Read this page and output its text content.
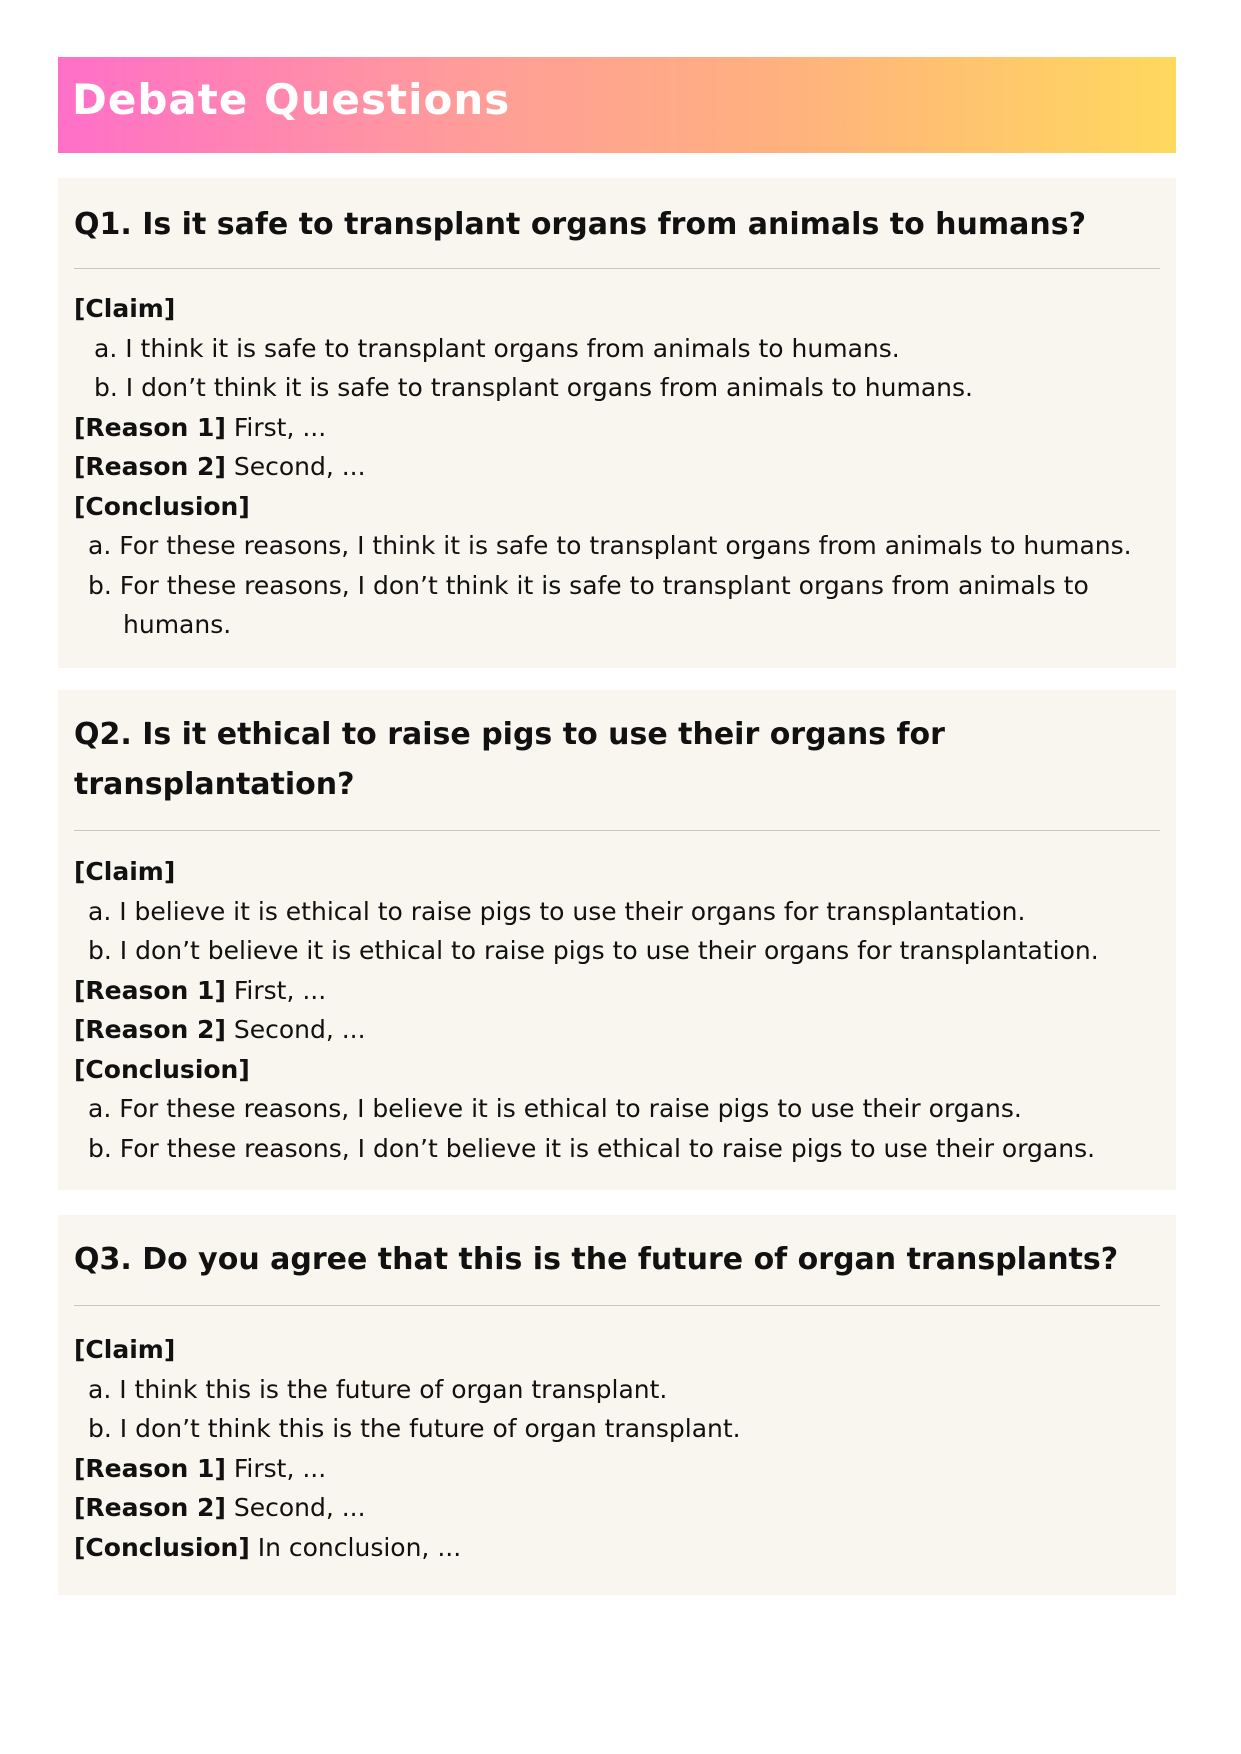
Debate Questions
Q1. Is it safe to transplant organs from animals to humans?
[Claim]
a. I think it is safe to transplant organs from animals to humans.
b. I don’t think it is safe to transplant organs from animals to humans.
[Reason 1] First, ...
[Reason 2] Second, ...
[Conclusion]
a. For these reasons, I think it is safe to transplant organs from animals to humans.
b. For these reasons, I don’t think it is safe to transplant organs from animals to
humans.
Q2. Is it ethical to raise pigs to use their organs for
transplantation?
[Claim]
a. I believe it is ethical to raise pigs to use their organs for transplantation.
b. I don’t believe it is ethical to raise pigs to use their organs for transplantation.
[Reason 1] First, ...
[Reason 2] Second, ...
[Conclusion]
a. For these reasons, I believe it is ethical to raise pigs to use their organs.
b. For these reasons, I don’t believe it is ethical to raise pigs to use their organs.
Q3. Do you agree that this is the future of organ transplants?
[Claim]
a. I think this is the future of organ transplant.
b. I don’t think this is the future of organ transplant.
[Reason 1] First, ...
[Reason 2] Second, ...
[Conclusion] In conclusion, ...
